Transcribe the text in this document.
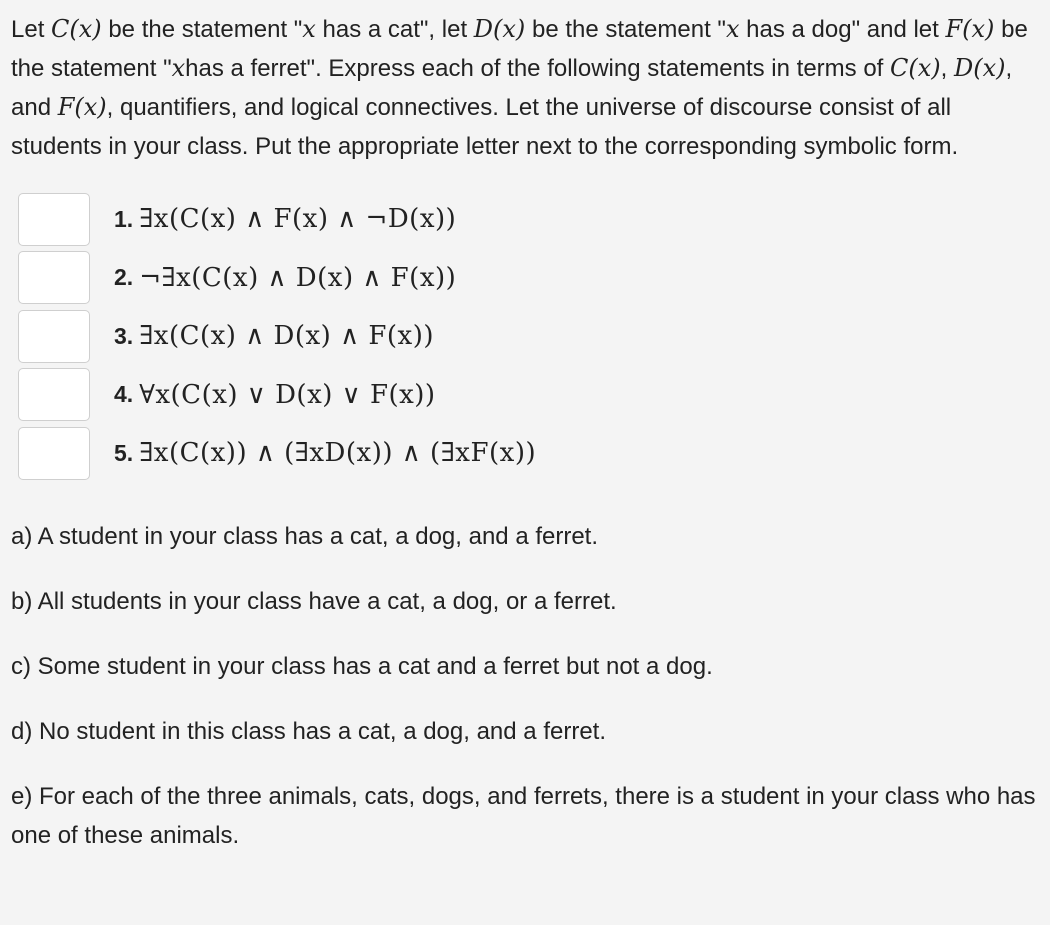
Let C(x) be the statement "x has a cat", let D(x) be the statement "x has a dog" and let F(x) be the statement "xhas a ferret". Express each of the following statements in terms of C(x), D(x), and F(x), quantifiers, and logical connectives. Let the universe of discourse consist of all students in your class. Put the appropriate letter next to the corresponding symbolic form.

1. ∃x(C(x) ∧ F(x) ∧ ¬D(x))
2. ¬∃x(C(x) ∧ D(x) ∧ F(x))
3. ∃x(C(x) ∧ D(x) ∧ F(x))
4. ∀x(C(x) ∨ D(x) ∨ F(x))
5. ∃x(C(x)) ∧ (∃xD(x)) ∧ (∃xF(x))

a) A student in your class has a cat, a dog, and a ferret.

b) All students in your class have a cat, a dog, or a ferret.

c) Some student in your class has a cat and a ferret but not a dog.

d) No student in this class has a cat, a dog, and a ferret.

e) For each of the three animals, cats, dogs, and ferrets, there is a student in your class who has one of these animals.
